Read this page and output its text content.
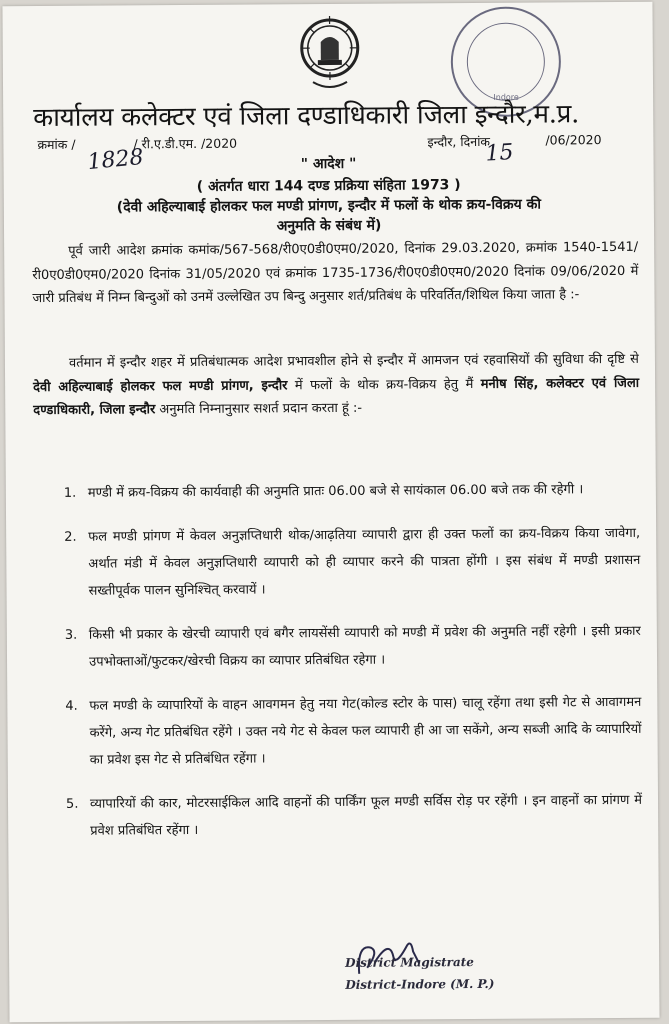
Indore
कार्यालय कलेक्टर एवं जिला दण्डाधिकारी जिला इन्दौर,म.प्र.
क्रमांक /	/ री.ए.डी.एम. /2020	इन्दौर, दिनांक	/06/2020
1828	15
" आदेश "
( अंतर्गत धारा 144 दण्ड प्रक्रिया संहिता 1973 )
(देवी अहिल्याबाई होलकर फल मण्डी प्रांगण, इन्दौर में फलों के थोक क्रय-विक्रय की
अनुमति के संबंध में)
पूर्व जारी आदेश क्रमांक कमांक/567-568/री0ए0डी0एम0/2020, दिनांक 29.03.2020, क्रमांक 1540-1541/री0ए0डी0एम0/2020 दिनांक 31/05/2020 एवं क्रमांक 1735-1736/री0ए0डी0एम0/2020 दिनांक 09/06/2020 में जारी प्रतिबंध में निम्न बिन्दुओं को उनमें उल्लेखित उप बिन्दु अनुसार शर्त/प्रतिबंध के परिवर्तित/शिथिल किया जाता है :-
वर्तमान में इन्दौर शहर में प्रतिबंधात्मक आदेश प्रभावशील होने से इन्दौर में आमजन एवं रहवासियों की सुविधा की दृष्टि से देवी अहिल्याबाई होलकर फल मण्डी प्रांगण, इन्दौर में फलों के थोक क्रय-विक्रय हेतु मैं मनीष सिंह, कलेक्टर एवं जिला दण्डाधिकारी, जिला इन्दौर अनुमति निम्नानुसार सशर्त प्रदान करता हूं :-
1. मण्डी में क्रय-विक्रय की कार्यवाही की अनुमति प्रातः 06.00 बजे से सायंकाल 06.00 बजे तक की रहेगी ।
2. फल मण्डी प्रांगण में केवल अनुज्ञप्तिधारी थोक/आढ़तिया व्यापारी द्वारा ही उक्त फलों का क्रय-विक्रय किया जावेगा, अर्थात मंडी में केवल अनुज्ञप्तिधारी व्यापारी को ही व्यापार करने की पात्रता होंगी । इस संबंध में मण्डी प्रशासन सख्तीपूर्वक पालन सुनिश्चित् करवायें ।
3. किसी भी प्रकार के खेरची व्यापारी एवं बगैर लायसेंसी व्यापारी को मण्डी में प्रवेश की अनुमति नहीं रहेगी । इसी प्रकार उपभोक्ताओं/फुटकर/खेरची विक्रय का व्यापार प्रतिबंधित रहेगा ।
4. फल मण्डी के व्यापारियों के वाहन आवगमन हेतु नया गेट(कोल्ड स्टोर के पास) चालू रहेंगा तथा इसी गेट से आवागमन करेंगे, अन्य गेट प्रतिबंधित रहेंगे । उक्त नये गेट से केवल फल व्यापारी ही आ जा सकेंगे, अन्य सब्जी आदि के व्यापारियों का प्रवेश इस गेट से प्रतिबंधित रहेंगा ।
5. व्यापारियों की कार, मोटरसाईकिल आदि वाहनों की पार्किंग फूल मण्डी सर्विस रोड़ पर रहेंगी । इन वाहनों का प्रांगण में प्रवेश प्रतिबंधित रहेंगा ।
District Magistrate
District-Indore (M. P.)
